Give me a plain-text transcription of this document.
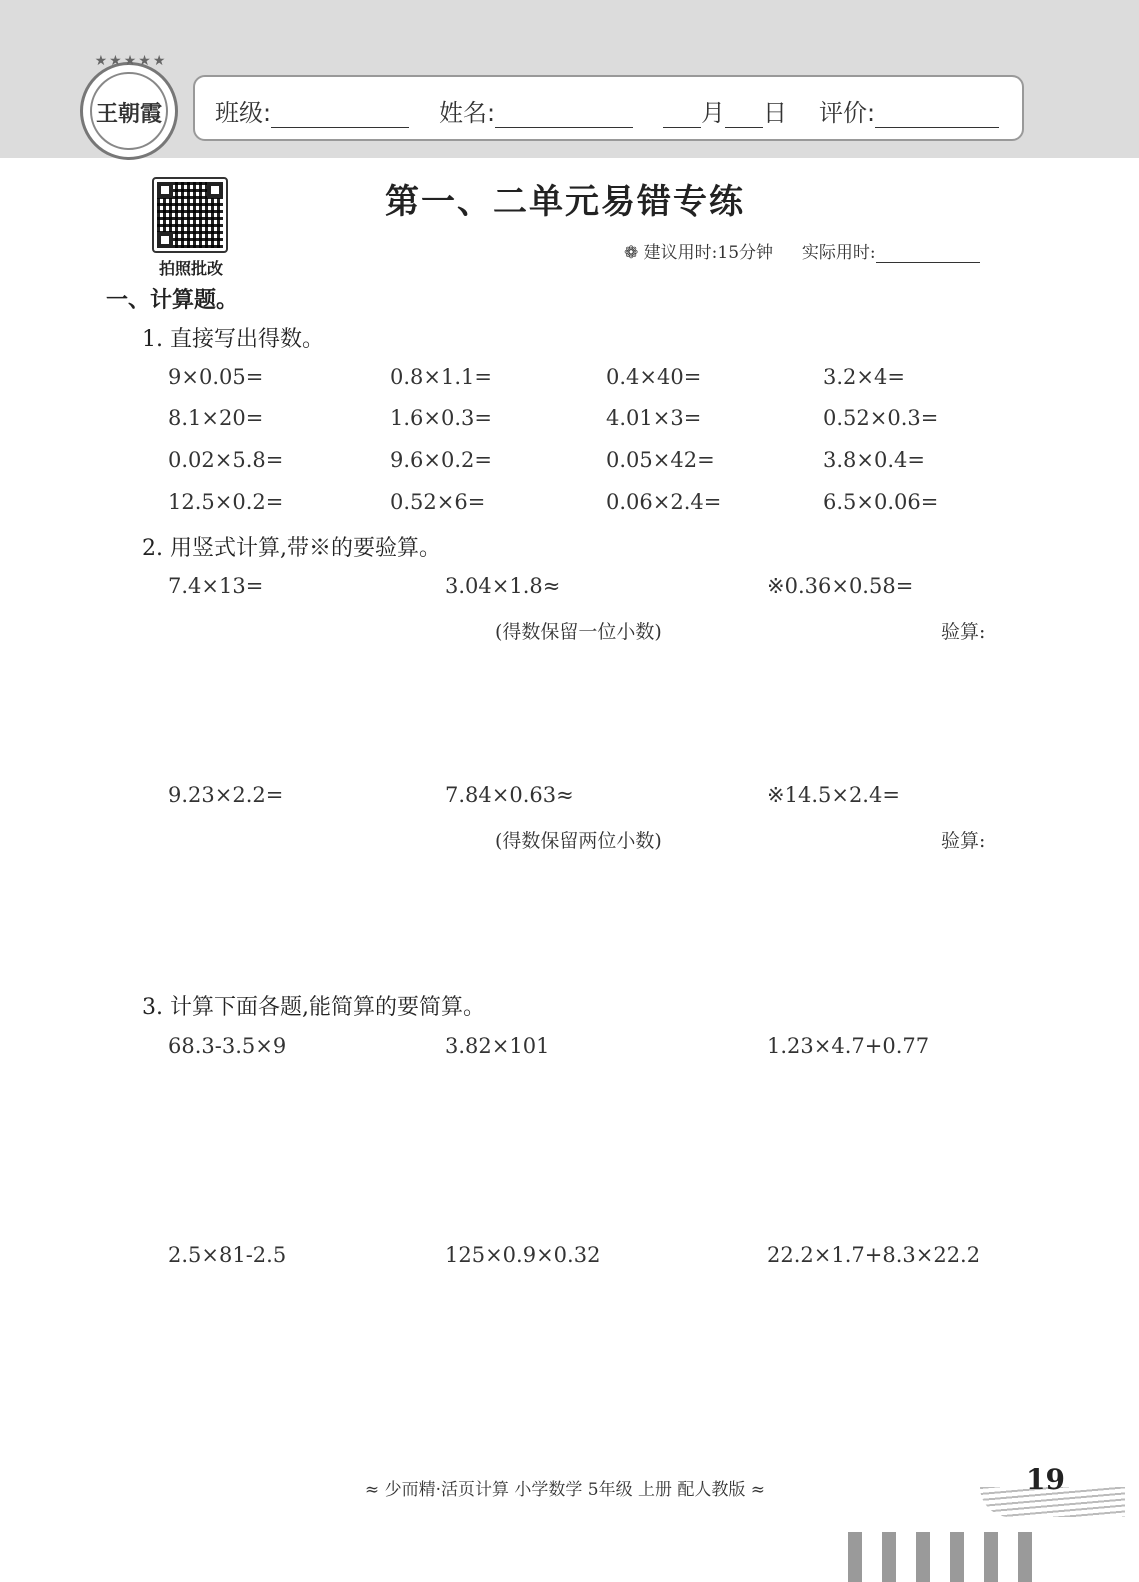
★★★★★
王朝霞	班级:	姓名:	月 日 评价:
拍照批改
第一、二单元易错专练
❁ 建议用时:15分钟 实际用时:
一、计算题。
1. 直接写出得数。
9×0.05=	0.8×1.1=	0.4×40=	3.2×4=
8.1×20=	1.6×0.3=	4.01×3=	0.52×0.3=
0.02×5.8=	9.6×0.2=	0.05×42=	3.8×0.4=
12.5×0.2=	0.52×6=	0.06×2.4=	6.5×0.06=
2. 用竖式计算,带※的要验算。
7.4×13=	3.04×1.8≈	※0.36×0.58=
(得数保留一位小数)	验算:
9.23×2.2=	7.84×0.63≈	※14.5×2.4=
(得数保留两位小数)	验算:
3. 计算下面各题,能简算的要简算。
68.3-3.5×9	3.82×101	1.23×4.7+0.77
2.5×81-2.5	125×0.9×0.32	22.2×1.7+8.3×22.2
≈ 少而精·活页计算 小学数学 5年级 上册 配人教版 ≈	19
